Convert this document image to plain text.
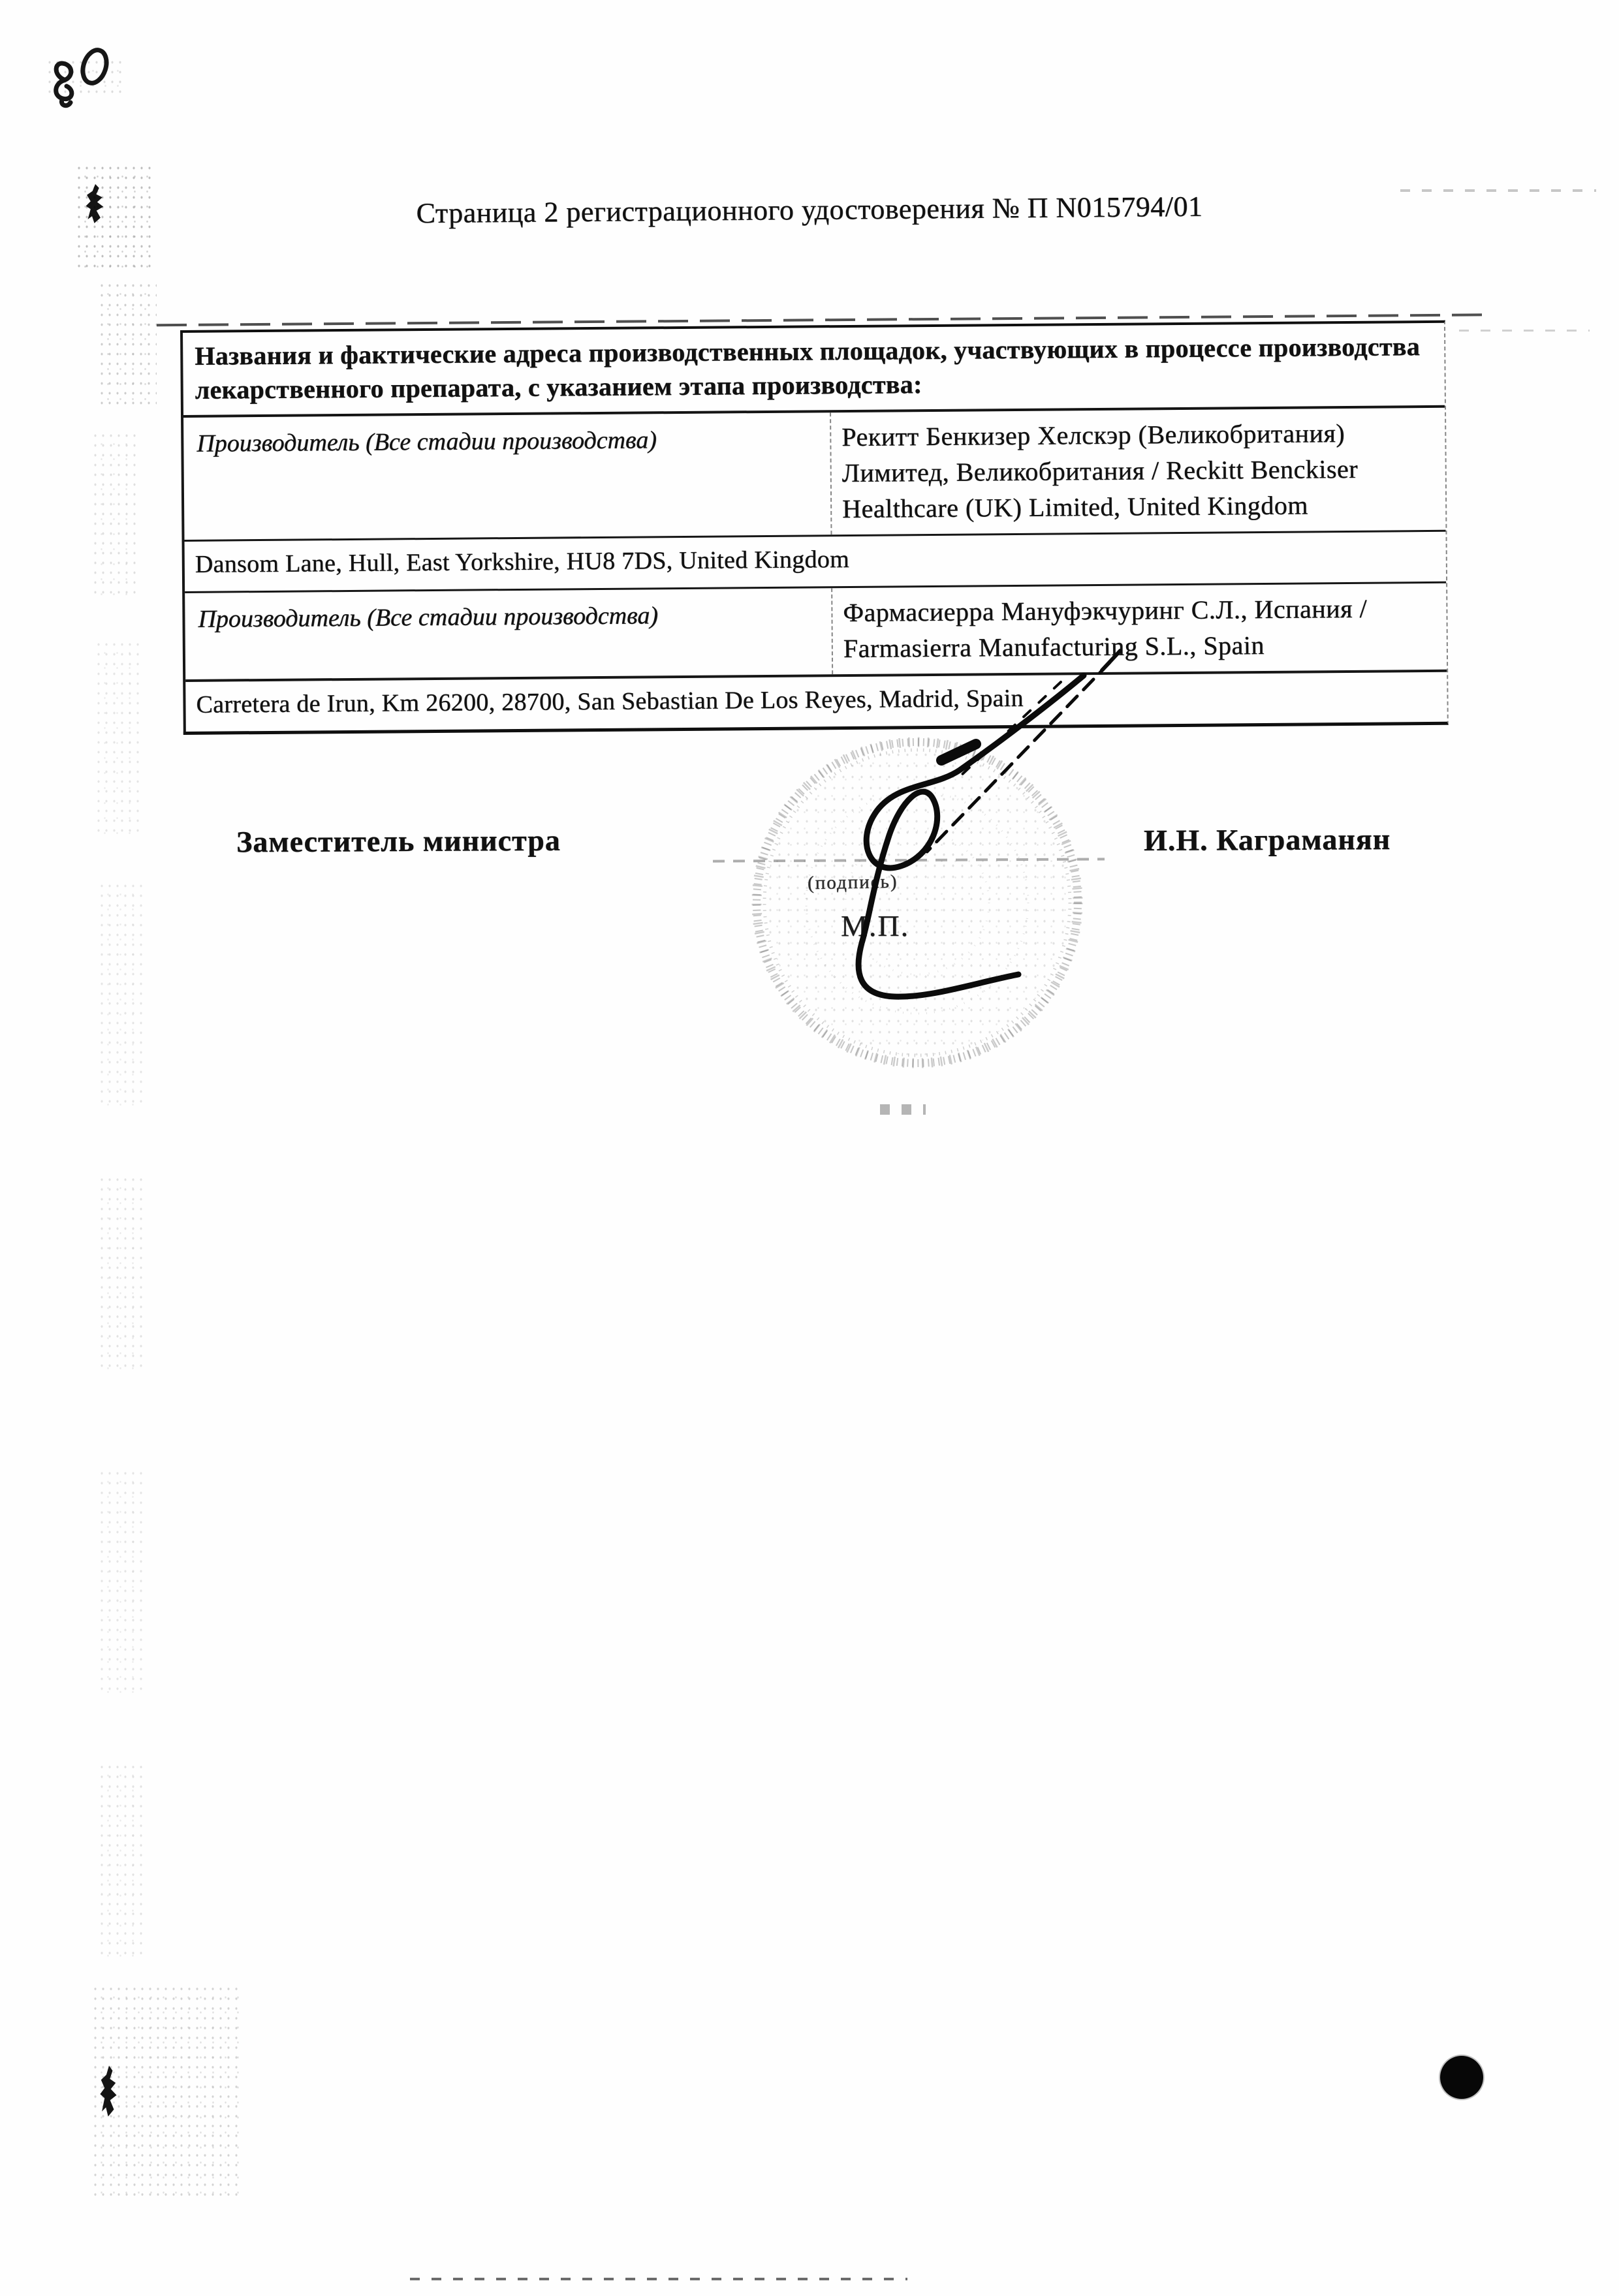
Страница 2 регистрационного удостоверения № П N015794/01
Названия и фактические адреса производственных площадок, участвующих в процессе производства лекарственного препарата, с указанием этапа производства:
Производитель (Все стадии производства)	Рекитт Бенкизер Хелскэр (Великобритания) Лимитед, Великобритания / Reckitt Benckiser Healthcare (UK) Limited, United Kingdom
Dansom Lane, Hull, East Yorkshire, HU8 7DS, United Kingdom
Производитель (Все стадии производства)	Фармасиерра Мануфэкчуринг С.Л., Испания / Farmasierra Manufacturing S.L., Spain
Carretera de Irun, Km 26200, 28700, San Sebastian De Los Reyes, Madrid, Spain
Заместитель министра	И.Н. Каграманян
(подпись)
М.П.
